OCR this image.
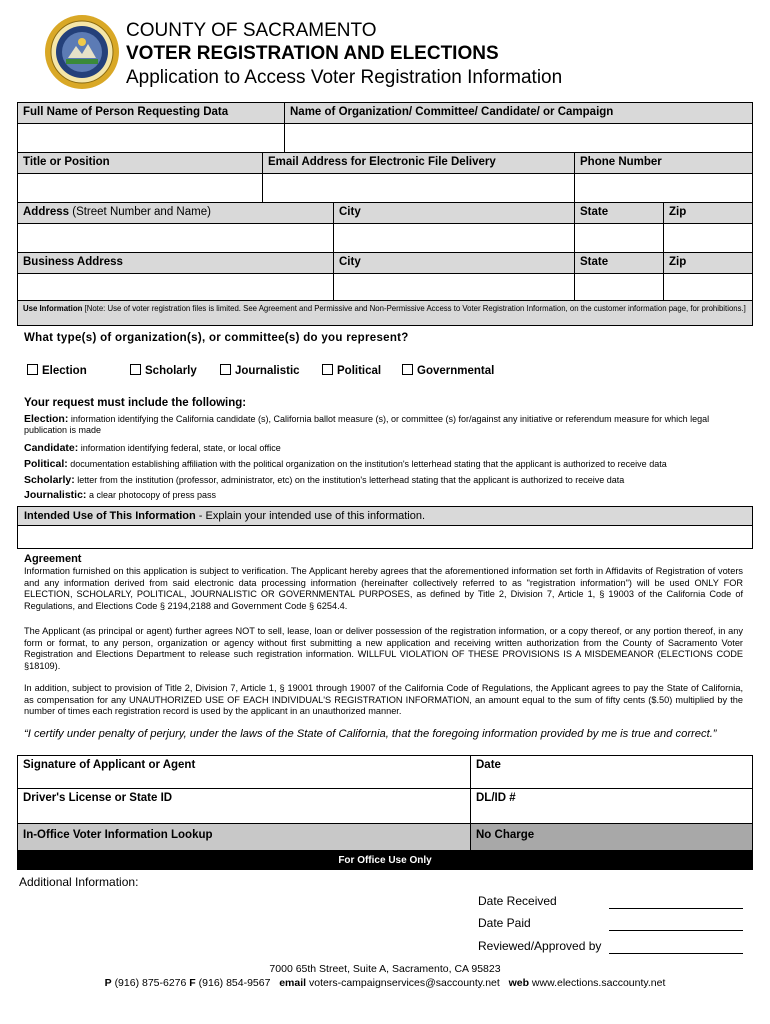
COUNTY OF SACRAMENTO
VOTER REGISTRATION AND ELECTIONS
Application to Access Voter Registration Information
Full Name of Person Requesting Data	Name of Organization/ Committee/ Candidate/ or Campaign
Title or Position	Email Address for Electronic File Delivery	Phone Number
Address (Street Number and Name)	City	State	Zip
Business Address	City	State	Zip
Use Information [Note: Use of voter registration files is limited. See Agreement and Permissive and Non-Permissive Access to Voter Registration Information, on the customer information page, for prohibitions.]
What type(s) of organization(s), or committee(s) do you represent?
Election	Scholarly	Journalistic	Political	Governmental
Your request must include the following:
Election: information identifying the California candidate (s), California ballot measure (s), or committee (s) for/against any initiative or referendum measure for which legal publication is made
Candidate: information identifying federal, state, or local office
Political: documentation establishing affiliation with the political organization on the institution's letterhead stating that the applicant is authorized to receive data
Scholarly: letter from the institution (professor, administrator, etc) on the institution's letterhead stating that the applicant is authorized to receive data
Journalistic: a clear photocopy of press pass
Intended Use of This Information - Explain your intended use of this information.
Agreement
Information furnished on this application is subject to verification. The Applicant hereby agrees that the aforementioned information set forth in Affidavits of Registration of voters and any information derived from said electronic data processing information (hereinafter collectively referred to as "registration information") will be used ONLY FOR ELECTION, SCHOLARLY, POLITICAL, JOURNALISTIC OR GOVERNMENTAL PURPOSES, as defined by Title 2, Division 7, Article 1, § 19003 of the California Code of Regulations, and Elections Code § 2194,2188 and Government Code § 6254.4.
The Applicant (as principal or agent) further agrees NOT to sell, lease, loan or deliver possession of the registration information, or a copy thereof, or any portion thereof, in any form or format, to any person, organization or agency without first submitting a new application and receiving written authorization from the County of Sacramento Voter Registration and Elections Department to release such registration information. WILLFUL VIOLATION OF THESE PROVISIONS IS A MISDEMEANOR (ELECTIONS CODE §18109).
In addition, subject to provision of Title 2, Division 7, Article 1, § 19001 through 19007 of the California Code of Regulations, the Applicant agrees to pay the State of California, as compensation for any UNAUTHORIZED USE OF EACH INDIVIDUAL'S REGISTRATION INFORMATION, an amount equal to the sum of fifty cents ($.50) multiplied by the number of times each registration record is used by the applicant in an unauthorized manner.
“I certify under penalty of perjury, under the laws of the State of California, that the foregoing information provided by me is true and correct.”
Signature of Applicant or Agent	Date
Driver's License or State ID	DL/ID #
In-Office Voter Information Lookup	No Charge
For Office Use Only
Additional Information:
Date Received

Date Paid

Reviewed/Approved by

7000 65th Street, Suite A, Sacramento, CA 95823
P (916) 875-6276 F (916) 854-9567 email voters-campaignservices@saccounty.net web www.elections.saccounty.net
